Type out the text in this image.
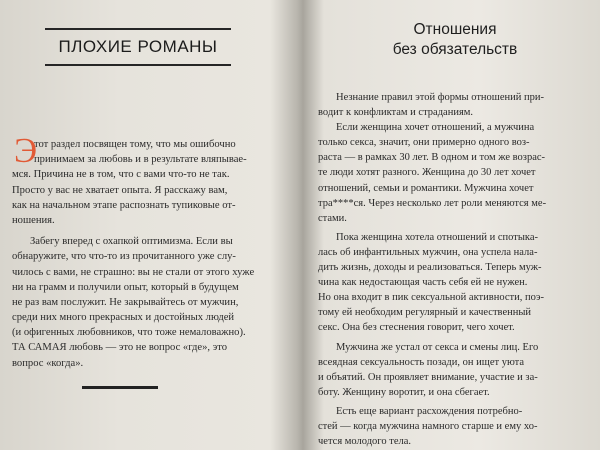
ПЛОХИЕ РОМАНЫ
Э
тот раздел посвящен тому, что мы ошибочно
принимаем за любовь и в результате вляпывае-
мся. Причина не в том, что с вами что-то не так.
Просто у вас не хватает опыта. Я расскажу вам,
как на начальном этапе распознать тупиковые от-
ношения.
Забегу вперед с охапкой оптимизма. Если вы
обнаружите, что что-то из прочитанного уже слу-
чилось с вами, не страшно: вы не стали от этого хуже
ни на грамм и получили опыт, который в будущем
не раз вам послужит. Не закрывайтесь от мужчин,
среди них много прекрасных и достойных людей
(и офигенных любовников, что тоже немаловажно).
ТА САМАЯ любовь — это не вопрос «где», это
вопрос «когда».
Отношения
без обязательств
Незнание правил этой формы отношений при-
водит к конфликтам и страданиям.
Если женщина хочет отношений, а мужчина
только секса, значит, они примерно одного воз-
раста — в рамках 30 лет. В одном и том же возрас-
те люди хотят разного. Женщина до 30 лет хочет
отношений, семьи и романтики. Мужчина хочет
тра****ся. Через несколько лет роли меняются ме-
стами.
Пока женщина хотела отношений и спотыка-
лась об инфантильных мужчин, она успела нала-
дить жизнь, доходы и реализоваться. Теперь муж-
чина как недостающая часть себя ей не нужен.
Но она входит в пик сексуальной активности, поэ-
тому ей необходим регулярный и качественный
секс. Она без стеснения говорит, чего хочет.
Мужчина же устал от секса и смены лиц. Его
всеядная сексуальность позади, он ищет уюта
и объятий. Он проявляет внимание, участие и за-
боту. Женщину воротит, и она сбегает.
Есть еще вариант расхождения потребно-
стей — когда мужчина намного старше и ему хо-
чется молодого тела.
